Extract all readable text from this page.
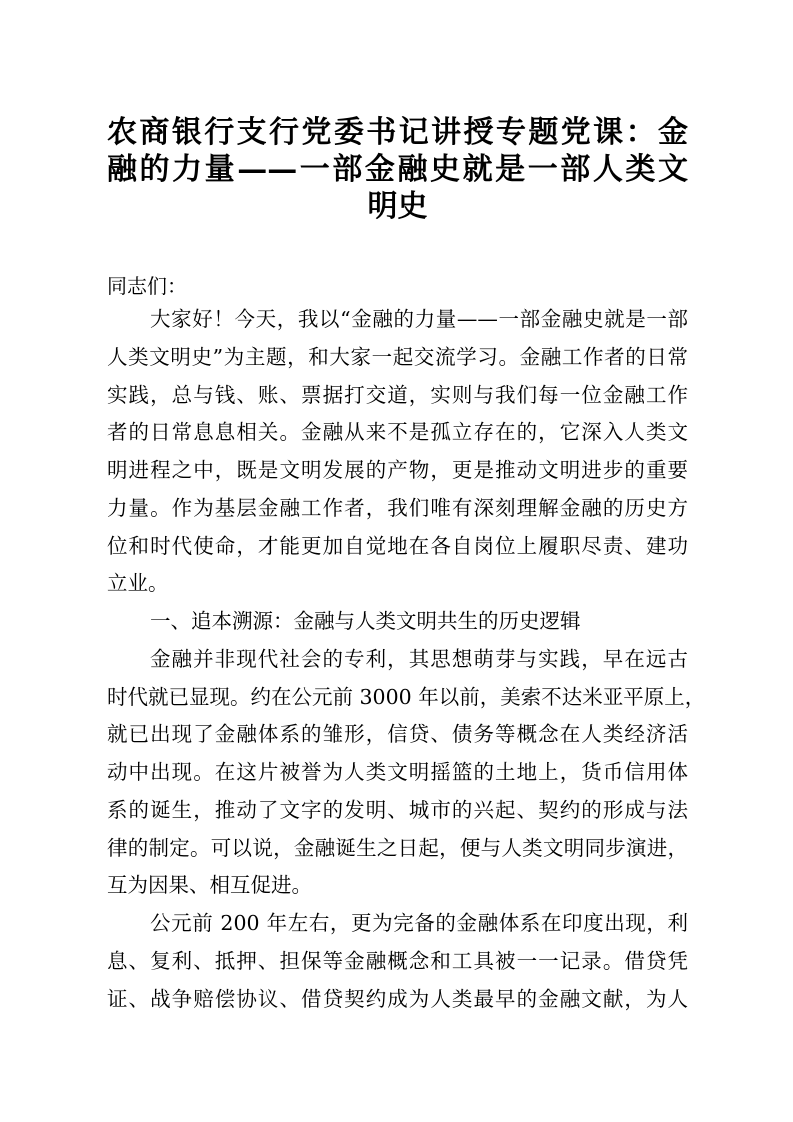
农商银行支行党委书记讲授专题党课：金
融的力量——一部金融史就是一部人类文
明史
同志们：
大家好！今天，我以“金融的力量——一部金融史就是一部
人类文明史”为主题，和大家一起交流学习。金融工作者的日常
实践，总与钱、账、票据打交道，实则与我们每一位金融工作
者的日常息息相关。金融从来不是孤立存在的，它深入人类文
明进程之中，既是文明发展的产物，更是推动文明进步的重要
力量。作为基层金融工作者，我们唯有深刻理解金融的历史方
位和时代使命，才能更加自觉地在各自岗位上履职尽责、建功
立业。
一、追本溯源：金融与人类文明共生的历史逻辑
金融并非现代社会的专利，其思想萌芽与实践，早在远古
时代就已显现。约在公元前 3000 年以前，美索不达米亚平原上，
就已出现了金融体系的雏形，信贷、债务等概念在人类经济活
动中出现。在这片被誉为人类文明摇篮的土地上，货币信用体
系的诞生，推动了文字的发明、城市的兴起、契约的形成与法
律的制定。可以说，金融诞生之日起，便与人类文明同步演进，
互为因果、相互促进。
公元前 200 年左右，更为完备的金融体系在印度出现，利
息、复利、抵押、担保等金融概念和工具被一一记录。借贷凭
证、战争赔偿协议、借贷契约成为人类最早的金融文献，为人
